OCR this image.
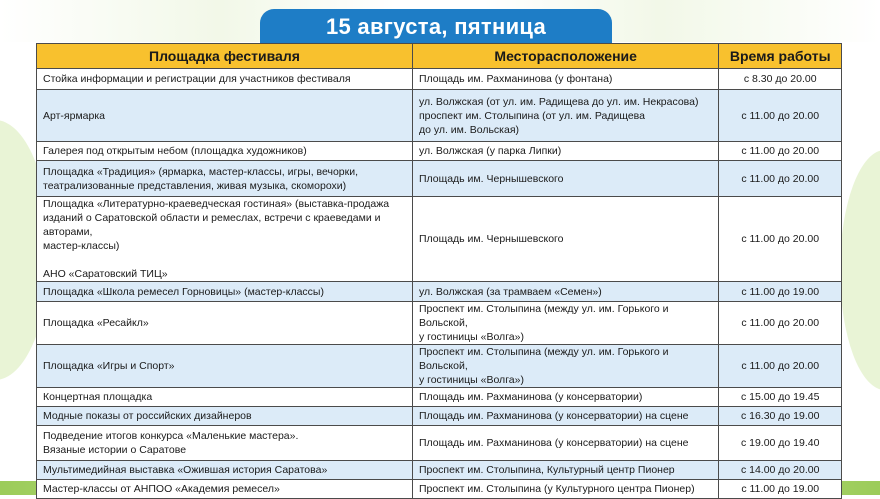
15 августа, пятница
Площадка фестиваля	Месторасположение	Время работы
Стойка информации и регистрации для участников фестиваля	Площадь им. Рахманинова (у фонтана)	с 8.30 до 20.00
Арт-ярмарка	ул. Волжская (от ул. им. Радищева до ул. им. Некрасова)
проспект им. Столыпина (от ул. им. Радищева
до ул. им. Вольская)	с 11.00 до 20.00
Галерея под открытым небом (площадка художников)	ул. Волжская (у парка Липки)	с 11.00 до 20.00
Площадка «Традиция» (ярмарка, мастер-классы, игры, вечорки,
театрализованные представления, живая музыка, скоморохи)	Площадь им. Чернышевского	с 11.00 до 20.00
Площадка «Литературно-краеведческая гостиная» (выставка-продажа
изданий о Саратовской области и ремеслах, встречи с краеведами и авторами,
мастер-классы)

АНО «Саратовский ТИЦ»	Площадь им. Чернышевского	с 11.00 до 20.00
Площадка «Школа ремесел Горновицы» (мастер-классы)	ул. Волжская (за трамваем «Семен»)	с 11.00 до 19.00
Площадка «Ресайкл»	Проспект им. Столыпина (между ул. им. Горького и Вольской,
у гостиницы «Волга»)	с 11.00 до 20.00
Площадка «Игры и Спорт»	Проспект им. Столыпина (между ул. им. Горького и Вольской,
у гостиницы «Волга»)	с 11.00 до 20.00
Концертная площадка	Площадь им. Рахманинова (у консерватории)	с 15.00 до 19.45
Модные показы от российских дизайнеров	Площадь им. Рахманинова (у консерватории) на сцене	с 16.30 до 19.00
Подведение итогов конкурса «Маленькие мастера».
Вязаные истории о Саратове	Площадь им. Рахманинова (у консерватории) на сцене	с 19.00 до 19.40
Мультимедийная выставка «Ожившая история Саратова»	Проспект им. Столыпина, Культурный центр Пионер	с 14.00 до 20.00
Мастер-классы от АНПОО «Академия ремесел»	Проспект им. Столыпина (у Культурного центра Пионер)	с 11.00 до 19.00
